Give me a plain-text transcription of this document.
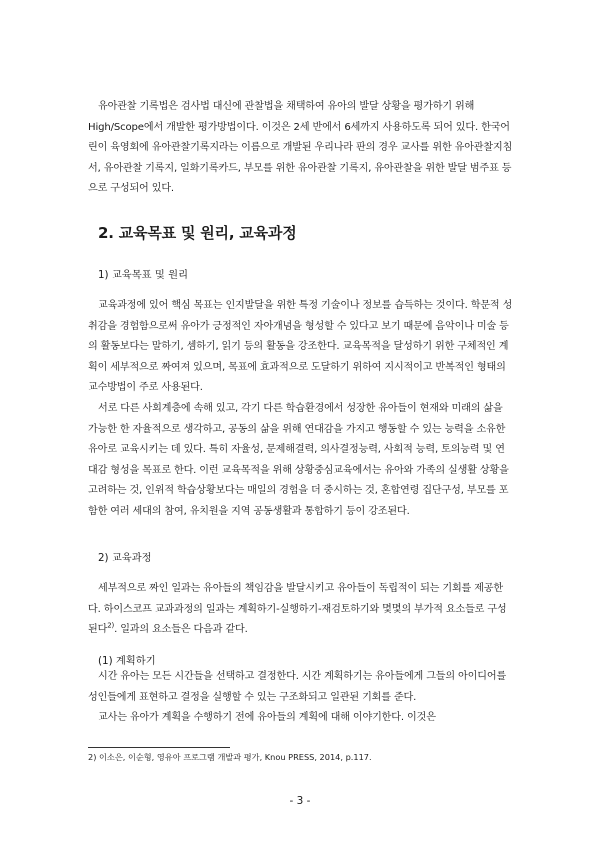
유아관찰 기록법은 검사법 대신에 관찰법을 채택하여 유아의 발달 상황을 평가하기 위해 High/Scope에서 개발한 평가방법이다. 이것은 2세 반에서 6세까지 사용하도록 되어 있다. 한국어린이 육영회에 유아관찰기록지라는 이름으로 개발된 우리나라 판의 경우 교사를 위한 유아관찰지침서, 유아관찰 기록지, 일화기록카드, 부모를 위한 유아관찰 기록지, 유아관찰을 위한 발달 범주표 등으로 구성되어 있다.

2. 교육목표 및 원리, 교육과정

1) 교육목표 및 원리

교육과정에 있어 핵심 목표는 인지발달을 위한 특정 기술이나 정보를 습득하는 것이다. 학문적 성취감을 경험함으로써 유아가 긍정적인 자아개념을 형성할 수 있다고 보기 때문에 음악이나 미술 등의 활동보다는 말하기, 셈하기, 읽기 등의 활동을 강조한다. 교육목적을 달성하기 위한 구체적인 계획이 세부적으로 짜여져 있으며, 목표에 효과적으로 도달하기 위하여 지시적이고 반복적인 형태의 교수방법이 주로 사용된다.

서로 다른 사회계층에 속해 있고, 각기 다른 학습환경에서 성장한 유아들이 현재와 미래의 삶을 가능한 한 자율적으로 생각하고, 공동의 삶을 위해 연대감을 가지고 행동할 수 있는 능력을 소유한 유아로 교육시키는 데 있다. 특히 자율성, 문제해결력, 의사결정능력, 사회적 능력, 토의능력 및 연대감 형성을 목표로 한다. 이런 교육목적을 위해 상황중심교육에서는 유아와 가족의 실생활 상황을 고려하는 것, 인위적 학습상황보다는 매일의 경험을 더 중시하는 것, 혼합연령 집단구성, 부모를 포함한 여러 세대의 참여, 유치원을 지역 공동생활과 통합하기 등이 강조된다.

2) 교육과정

세부적으로 짜인 일과는 유아들의 책임감을 발달시키고 유아들이 독립적이 되는 기회를 제공한다. 하이스코프 교과과정의 일과는 계획하기-실행하기-재검토하기와 몇몇의 부가적 요소들로 구성된다$^{2)}$. 일과의 요소들은 다음과 같다.

(1) 계획하기

시간 유아는 모든 시간들을 선택하고 결정한다. 시간 계획하기는 유아들에게 그들의 아이디어를 성인들에게 표현하고 결정을 실행할 수 있는 구조화되고 일관된 기회를 준다.

교사는 유아가 계획을 수행하기 전에 유아들의 계획에 대해 이야기한다. 이것은

2) 이소은, 이순형, 영유아 프로그램 개발과 평가, Knou PRESS, 2014, p.117.

- 3 -
